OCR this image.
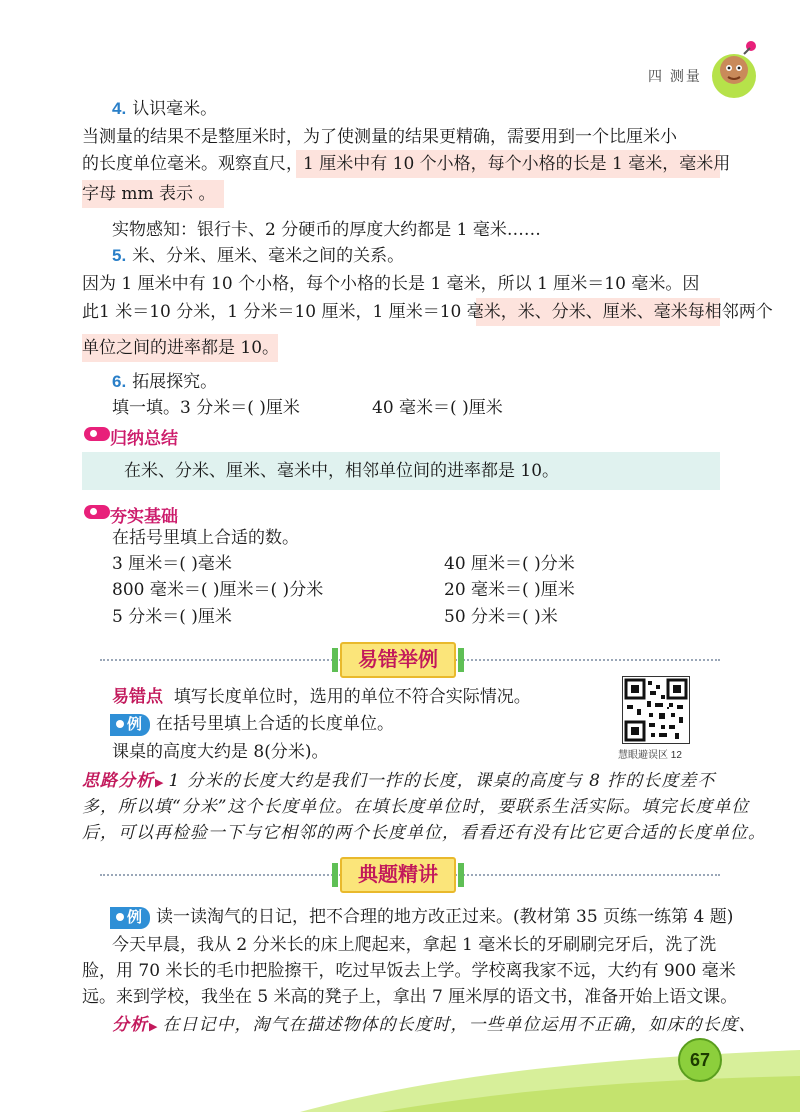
四 测量
4. 认识毫米。
当测量的结果不是整厘米时，为了使测量的结果更精确，需要用到一个比厘米小
的长度单位毫米。观察直尺，1 厘米中有 10 个小格，每个小格的长是 1 毫米，毫米用
字母 mm 表示 。
实物感知：银行卡、2 分硬币的厚度大约都是 1 毫米……
5. 米、分米、厘米、毫米之间的关系。
因为 1 厘米中有 10 个小格，每个小格的长是 1 毫米，所以 1 厘米＝10 毫米。因
此1 米＝10 分米，1 分米＝10 厘米，1 厘米＝10 毫米，米、分米、厘米、毫米每相邻两个
单位之间的进率都是 10。
6. 拓展探究。
填一填。3 分米＝( )厘米	40 毫米＝( )厘米
归纳总结
在米、分米、厘米、毫米中，相邻单位间的进率都是 10。
夯实基础
在括号里填上合适的数。
3 厘米＝( )毫米	40 厘米＝( )分米
800 毫米＝( )厘米＝( )分米	20 毫米＝( )厘米
5 分米＝( )厘米	50 分米＝( )米
易错举例
易错点 填写长度单位时，选用的单位不符合实际情况。
例 在括号里填上合适的长度单位。
课桌的高度大约是 8(分米)。	慧眼避误区 12
思路分析▶ 1 分米的长度大约是我们一拃的长度，课桌的高度与 8 拃的长度差不
多，所以填“分米”这个长度单位。在填长度单位时，要联系生活实际。填完长度单位
后，可以再检验一下与它相邻的两个长度单位，看看还有没有比它更合适的长度单位。
典题精讲
例 读一读淘气的日记，把不合理的地方改正过来。(教材第 35 页练一练第 4 题)
今天早晨，我从 2 分米长的床上爬起来，拿起 1 毫米长的牙刷刷完牙后，洗了洗
脸，用 70 米长的毛巾把脸擦干，吃过早饭去上学。学校离我家不远，大约有 900 毫米
远。来到学校，我坐在 5 米高的凳子上，拿出 7 厘米厚的语文书，准备开始上语文课。
分析▶ 在日记中，淘气在描述物体的长度时，一些单位运用不正确，如床的长度、
67
